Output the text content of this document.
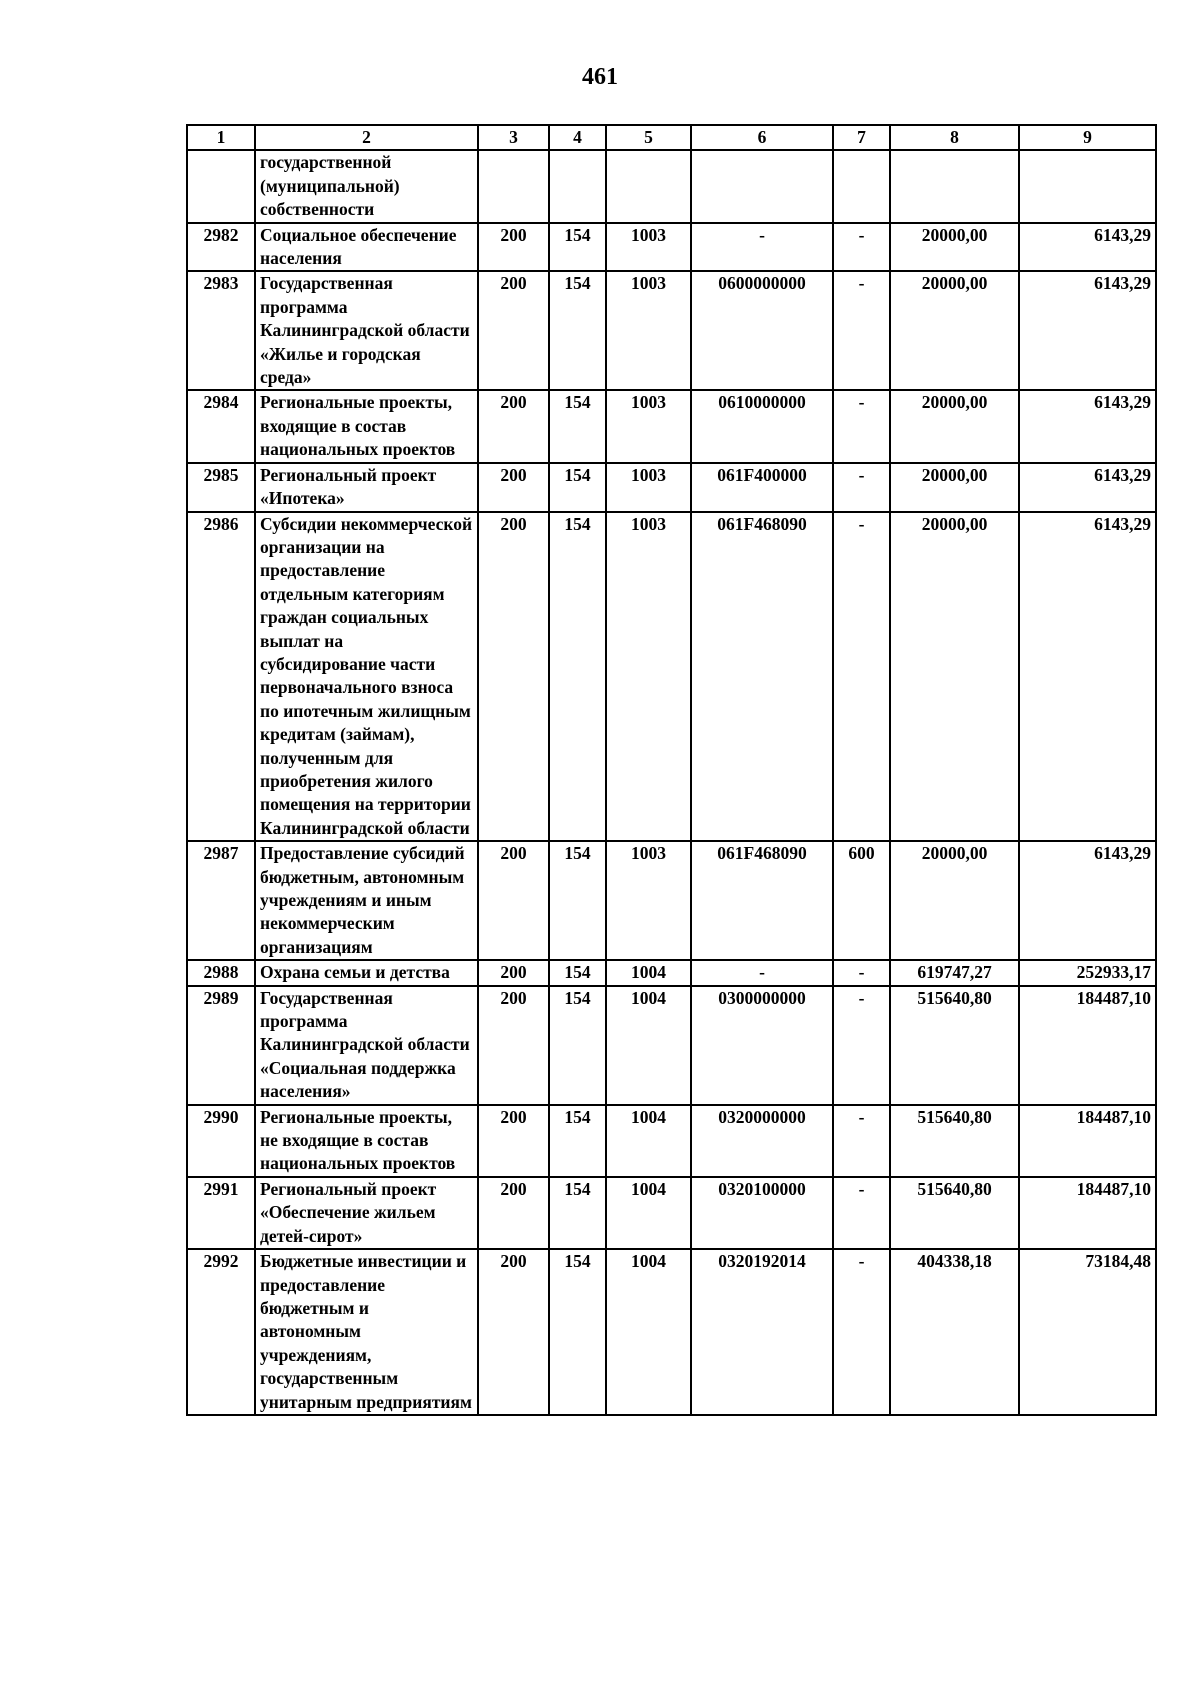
461
1	2	3	4	5	6	7	8	9
	государственной (муниципальной) собственности							
2982	Социальное обеспечение населения	200	154	1003	-	-	20000,00	6143,29
2983	Государственная программа Калининградской области «Жилье и городская среда»	200	154	1003	0600000000	-	20000,00	6143,29
2984	Региональные проекты, входящие в состав национальных проектов	200	154	1003	0610000000	-	20000,00	6143,29
2985	Региональный проект «Ипотека»	200	154	1003	061F400000	-	20000,00	6143,29
2986	Субсидии некоммерческой организации на предоставление отдельным категориям граждан социальных выплат на субсидирование части первоначального взноса по ипотечным жилищным кредитам (займам), полученным для приобретения жилого помещения на территории Калининградской области	200	154	1003	061F468090	-	20000,00	6143,29
2987	Предоставление субсидий бюджетным, автономным учреждениям и иным некоммерческим организациям	200	154	1003	061F468090	600	20000,00	6143,29
2988	Охрана семьи и детства	200	154	1004	-	-	619747,27	252933,17
2989	Государственная программа Калининградской области «Социальная поддержка населения»	200	154	1004	0300000000	-	515640,80	184487,10
2990	Региональные проекты, не входящие в состав национальных проектов	200	154	1004	0320000000	-	515640,80	184487,10
2991	Региональный проект «Обеспечение жильем детей-сирот»	200	154	1004	0320100000	-	515640,80	184487,10
2992	Бюджетные инвестиции и предоставление бюджетным и автономным учреждениям, государственным унитарным предприятиям	200	154	1004	0320192014	-	404338,18	73184,48
